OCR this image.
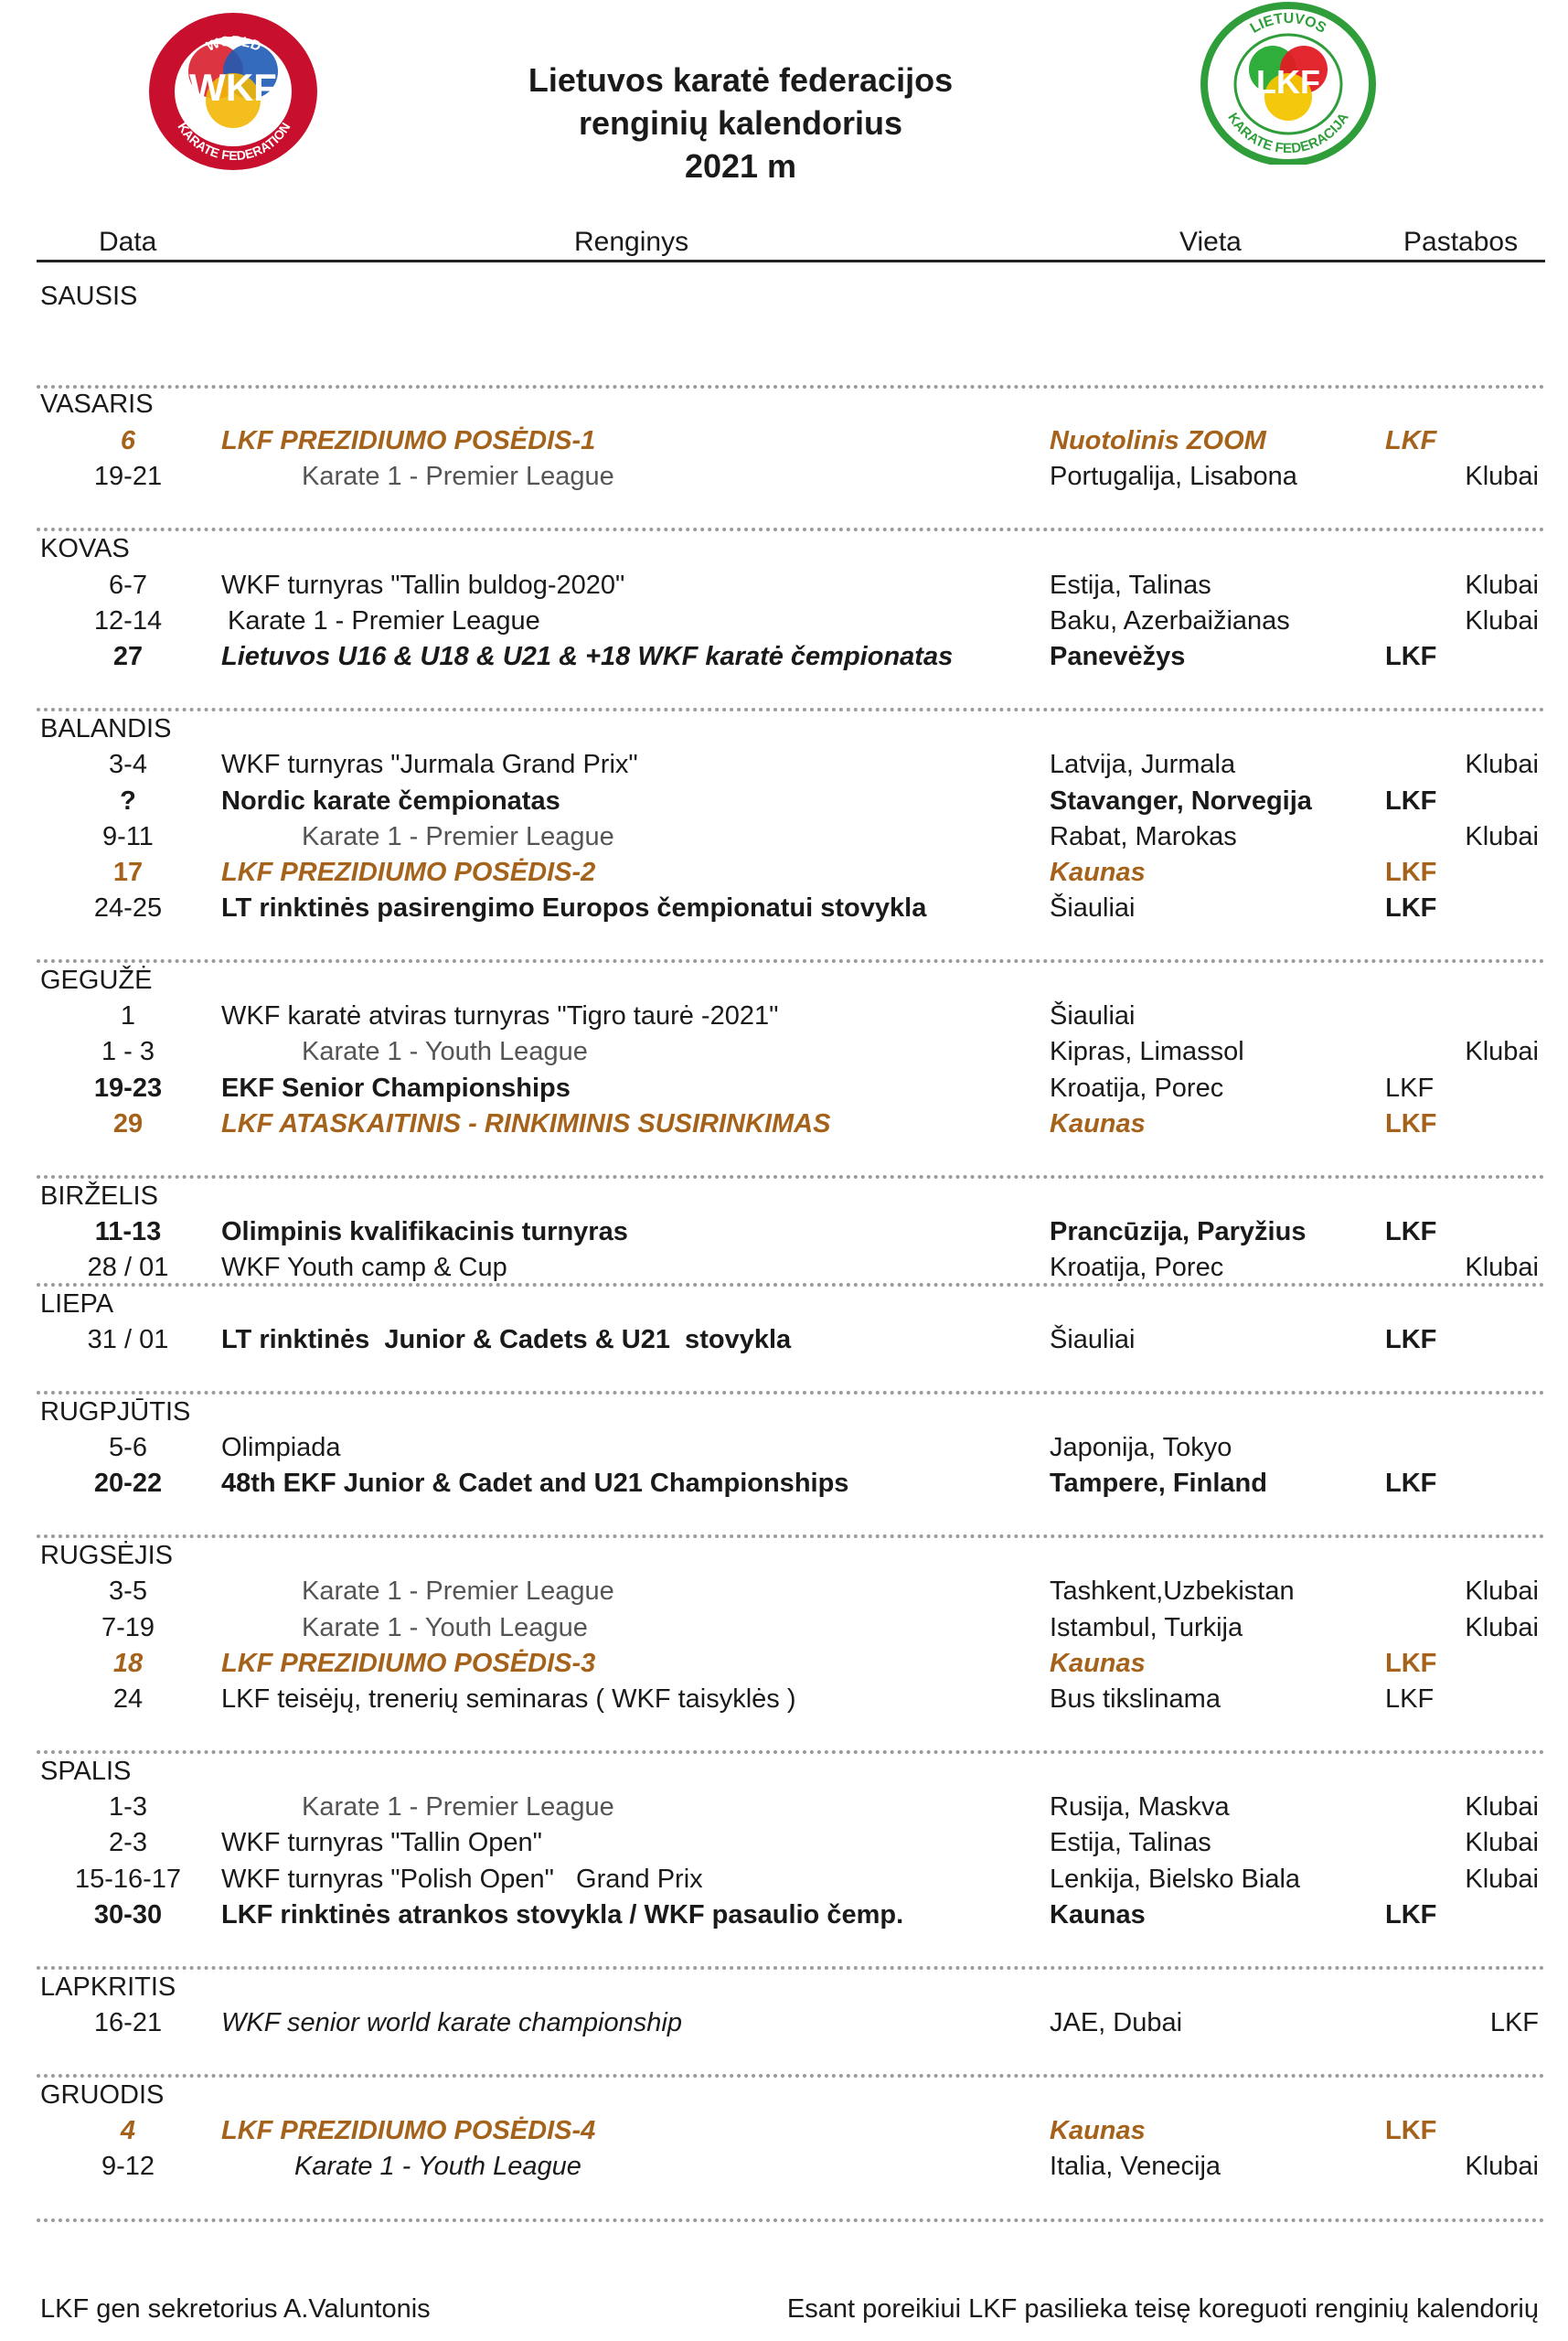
WKF
WORLD
KARATE FEDERATION
LKF
LIETUVOS
KARATE FEDERACIJA
Lietuvos karatė federacijos
renginių kalendorius
2021 m
Data	Renginys	Vieta	Pastabos
SAUSIS
VASARIS
6	LKF PREZIDIUMO POSĖDIS-1	Nuotolinis ZOOM	LKF
19-21	Karate 1 - Premier League	Portugalija, Lisabona	Klubai
KOVAS
6-7	WKF turnyras "Tallin buldog-2020"	Estija, Talinas	Klubai
12-14	Karate 1 - Premier League	Baku, Azerbaižianas	Klubai
27	Lietuvos U16 & U18 & U21 & +18 WKF karatė čempionatas	Panevėžys	LKF
BALANDIS
3-4	WKF turnyras "Jurmala Grand Prix"	Latvija, Jurmala	Klubai
?	Nordic karate čempionatas	Stavanger, Norvegija	LKF
9-11	Karate 1 - Premier League	Rabat, Marokas	Klubai
17	LKF PREZIDIUMO POSĖDIS-2	Kaunas	LKF
24-25	LT rinktinės pasirengimo Europos čempionatui stovykla	Šiauliai	LKF
GEGUŽĖ
1	WKF karatė atviras turnyras "Tigro taurė -2021"	Šiauliai
1 - 3	Karate 1 - Youth League	Kipras, Limassol	Klubai
19-23	EKF Senior Championships	Kroatija, Porec	LKF
29	LKF ATASKAITINIS - RINKIMINIS SUSIRINKIMAS	Kaunas	LKF
BIRŽELIS
11-13	Olimpinis kvalifikacinis turnyras	Prancūzija, Paryžius	LKF
28 / 01	WKF Youth camp & Cup	Kroatija, Porec	Klubai
LIEPA
31 / 01	LT rinktinės  Junior & Cadets & U21  stovykla	Šiauliai	LKF
RUGPJŪTIS
5-6	Olimpiada	Japonija, Tokyo
20-22	48th EKF Junior & Cadet and U21 Championships	Tampere, Finland	LKF
RUGSĖJIS
3-5	Karate 1 - Premier League	Tashkent,Uzbekistan	Klubai
7-19	Karate 1 - Youth League	Istambul, Turkija	Klubai
18	LKF PREZIDIUMO POSĖDIS-3	Kaunas	LKF
24	LKF teisėjų, trenerių seminaras ( WKF taisyklės )	Bus tikslinama	LKF
SPALIS
1-3	Karate 1 - Premier League	Rusija, Maskva	Klubai
2-3	WKF turnyras "Tallin Open"	Estija, Talinas	Klubai
15-16-17	WKF turnyras "Polish Open"   Grand Prix	Lenkija, Bielsko Biala	Klubai
30-30	LKF rinktinės atrankos stovykla / WKF pasaulio čemp.	Kaunas	LKF
LAPKRITIS
16-21	WKF senior world karate championship	JAE, Dubai	LKF
GRUODIS
4	LKF PREZIDIUMO POSĖDIS-4	Kaunas	LKF
9-12	Karate 1 - Youth League	Italia, Venecija	Klubai
LKF gen sekretorius A.Valuntonis	Esant poreikiui LKF pasilieka teisę koreguoti renginių kalendorių
